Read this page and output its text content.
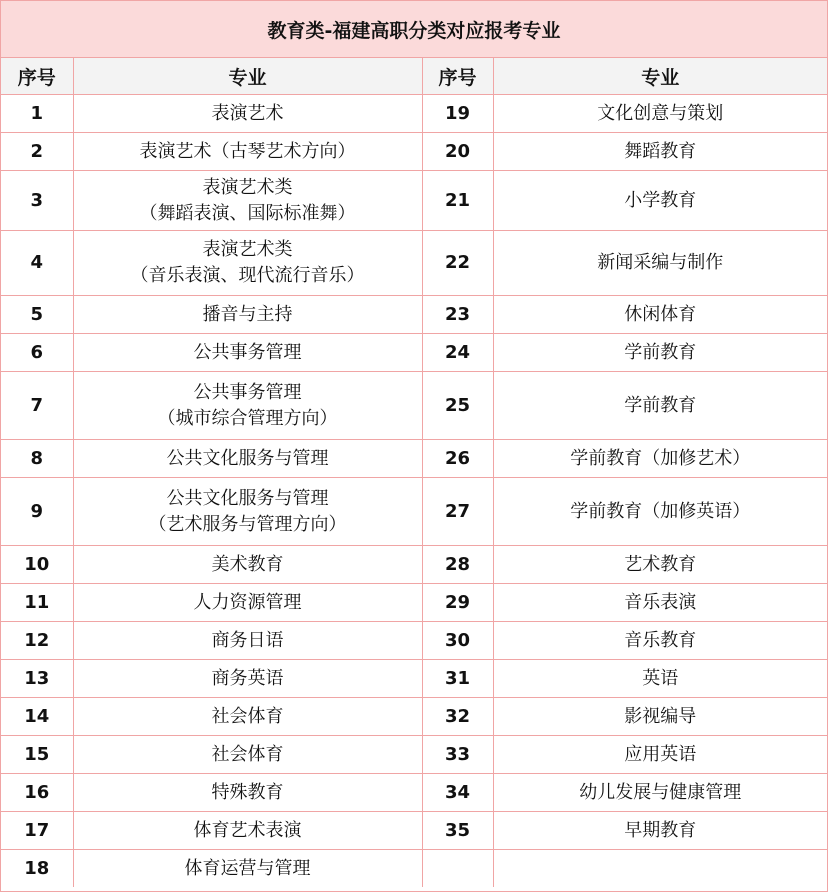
教育类-福建高职分类对应报考专业
序号	专业	序号	专业
1	表演艺术	19	文化创意与策划

2	表演艺术（古琴艺术方向）	20	舞蹈教育

3	表演艺术类
（舞蹈表演、国际标准舞）	21	小学教育

4	表演艺术类
（音乐表演、现代流行音乐）	22	新闻采编与制作

5	播音与主持	23	休闲体育

6	公共事务管理	24	学前教育

7	公共事务管理
（城市综合管理方向）	25	学前教育

8	公共文化服务与管理	26	学前教育（加修艺术）

9	公共文化服务与管理
（艺术服务与管理方向）	27	学前教育（加修英语）

10	美术教育	28	艺术教育

11	人力资源管理	29	音乐表演

12	商务日语	30	音乐教育

13	商务英语	31	英语

14	社会体育	32	影视编导

15	社会体育	33	应用英语

16	特殊教育	34	幼儿发展与健康管理

17	体育艺术表演	35	早期教育

18	体育运营与管理		
